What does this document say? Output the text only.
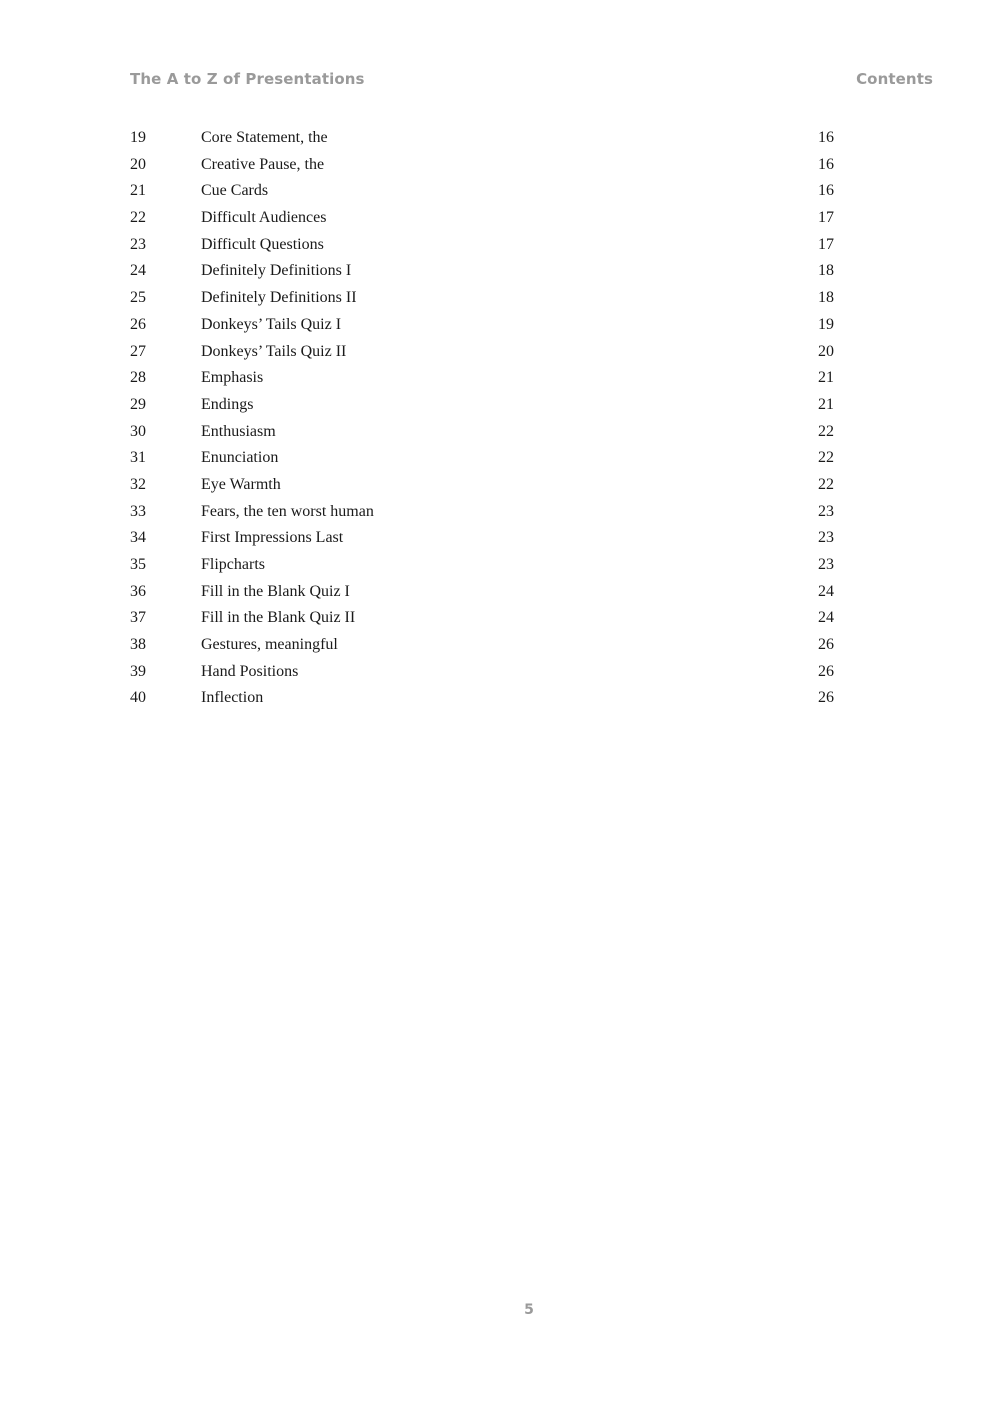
The A to Z of Presentations	Contents
19	Core Statement, the	16
20	Creative Pause, the	16
21	Cue Cards	16
22	Difficult Audiences	17
23	Difficult Questions	17
24	Definitely Definitions I	18
25	Definitely Definitions II	18
26	Donkeys’ Tails Quiz I	19
27	Donkeys’ Tails Quiz II	20
28	Emphasis	21
29	Endings	21
30	Enthusiasm	22
31	Enunciation	22
32	Eye Warmth	22
33	Fears, the ten worst human	23
34	First Impressions Last	23
35	Flipcharts	23
36	Fill in the Blank Quiz I	24
37	Fill in the Blank Quiz II	24
38	Gestures, meaningful	26
39	Hand Positions	26
40	Inflection	26
5
